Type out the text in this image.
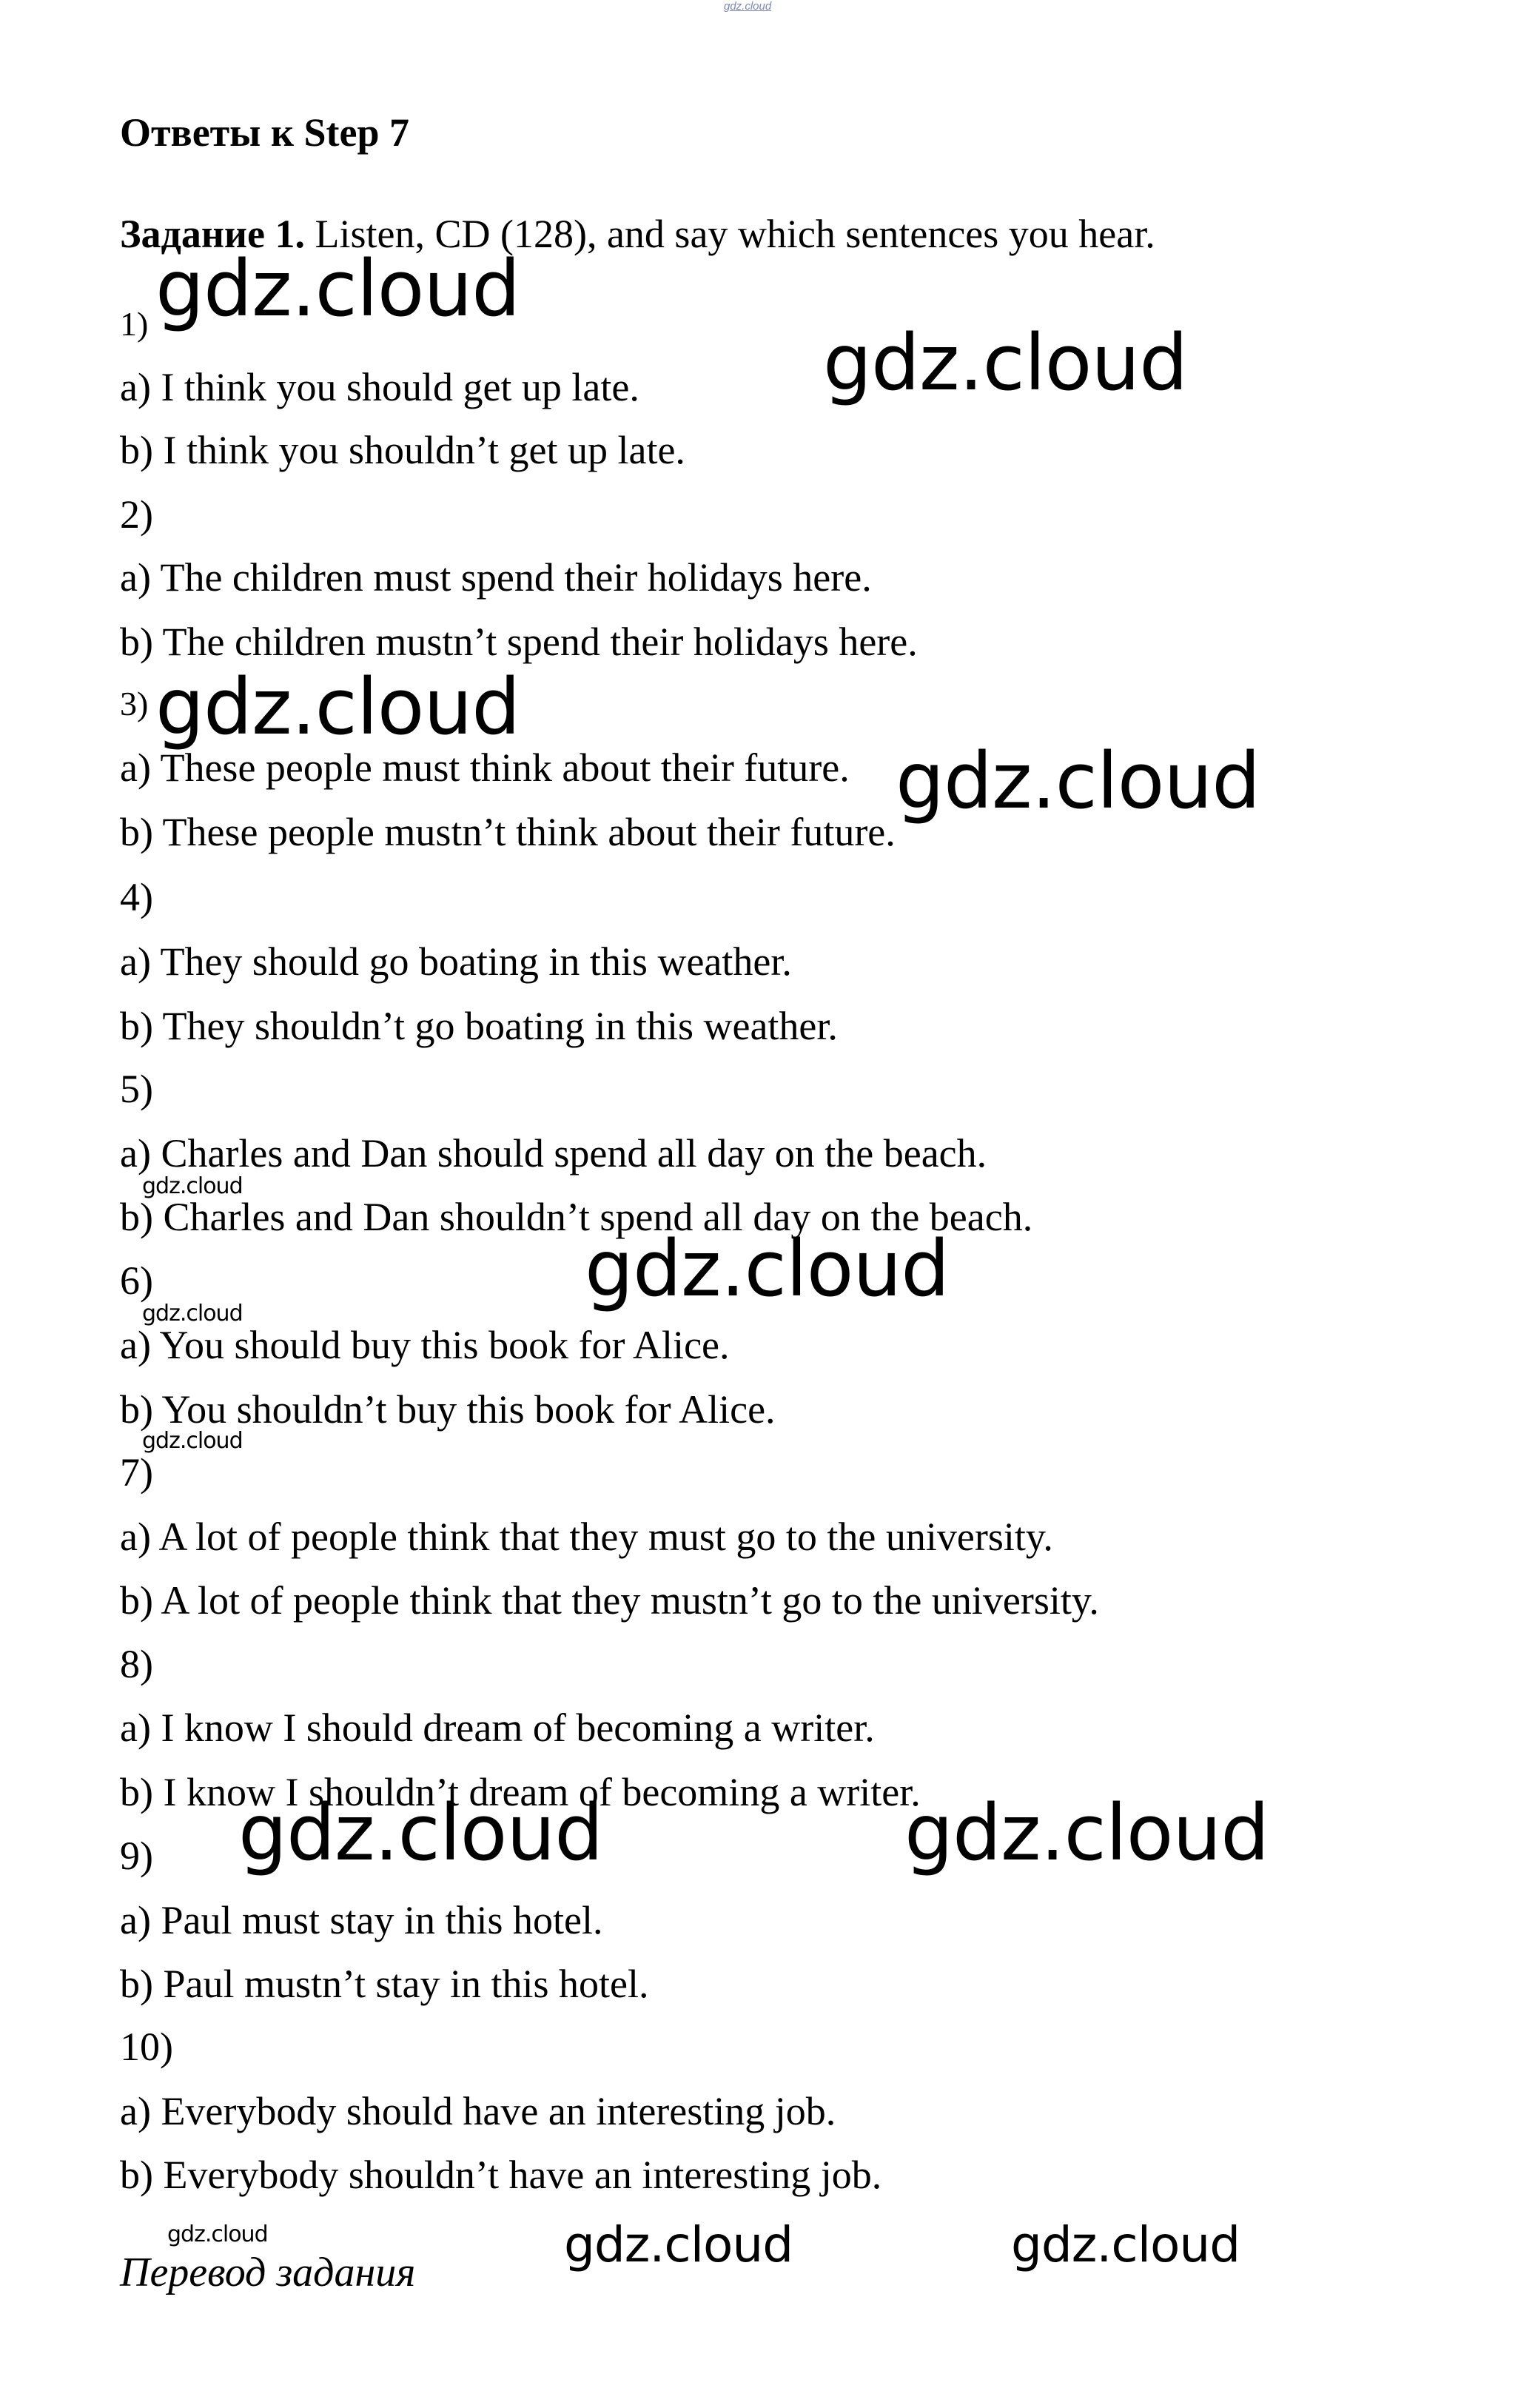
gdz.cloud
Ответы к Step 7
Задание 1. Listen, CD (128), and say which sentences you hear.
1)
a) I think you should get up late.
b) I think you shouldn’t get up late.
2)
a) The children must spend their holidays here.
b) The children mustn’t spend their holidays here.
3)
a) These people must think about their future.
b) These people mustn’t think about their future.
4)
a) They should go boating in this weather.
b) They shouldn’t go boating in this weather.
5)
a) Charles and Dan should spend all day on the beach.
b) Charles and Dan shouldn’t spend all day on the beach.
6)
a) You should buy this book for Alice.
b) You shouldn’t buy this book for Alice.
7)
a) A lot of people think that they must go to the university.
b) A lot of people think that they mustn’t go to the university.
8)
a) I know I should dream of becoming a writer.
b) I know I shouldn’t dream of becoming a writer.
9)
a) Paul must stay in this hotel.
b) Paul mustn’t stay in this hotel.
10)
a) Everybody should have an interesting job.
b) Everybody shouldn’t have an interesting job.
Перевод задания
gdz.cloud
gdz.cloud
gdz.cloud
gdz.cloud
gdz.cloud
gdz.cloud
gdz.cloud
gdz.cloud
gdz.cloud	gdz.cloud
gdz.cloud	gdz.cloud	gdz.cloud
